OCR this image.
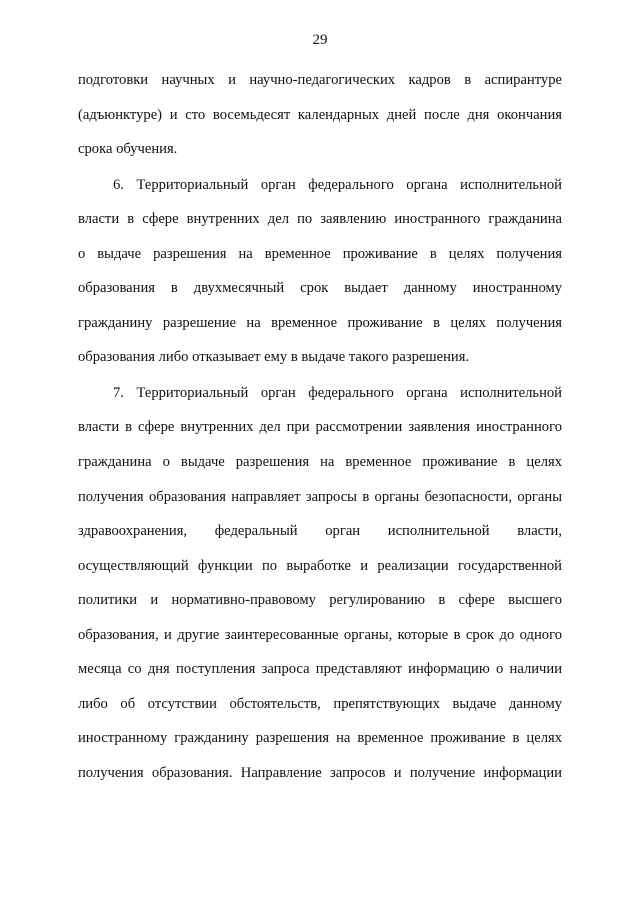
29
подготовки научных и научно-педагогических кадров в аспирантуре
(адъюнктуре) и сто восемьдесят календарных дней после дня окончания
срока обучения.
6. Территориальный орган федерального органа исполнительной
власти в сфере внутренних дел по заявлению иностранного гражданина
о выдаче разрешения на временное проживание в целях получения
образования в двухмесячный срок выдает данному иностранному
гражданину разрешение на временное проживание в целях получения
образования либо отказывает ему в выдаче такого разрешения.
7. Территориальный орган федерального органа исполнительной
власти в сфере внутренних дел при рассмотрении заявления иностранного
гражданина о выдаче разрешения на временное проживание в целях
получения образования направляет запросы в органы безопасности, органы
здравоохранения, федеральный орган исполнительной власти,
осуществляющий функции по выработке и реализации государственной
политики и нормативно-правовому регулированию в сфере высшего
образования, и другие заинтересованные органы, которые в срок до одного
месяца со дня поступления запроса представляют информацию о наличии
либо об отсутствии обстоятельств, препятствующих выдаче данному
иностранному гражданину разрешения на временное проживание в целях
получения образования. Направление запросов и получение информации
